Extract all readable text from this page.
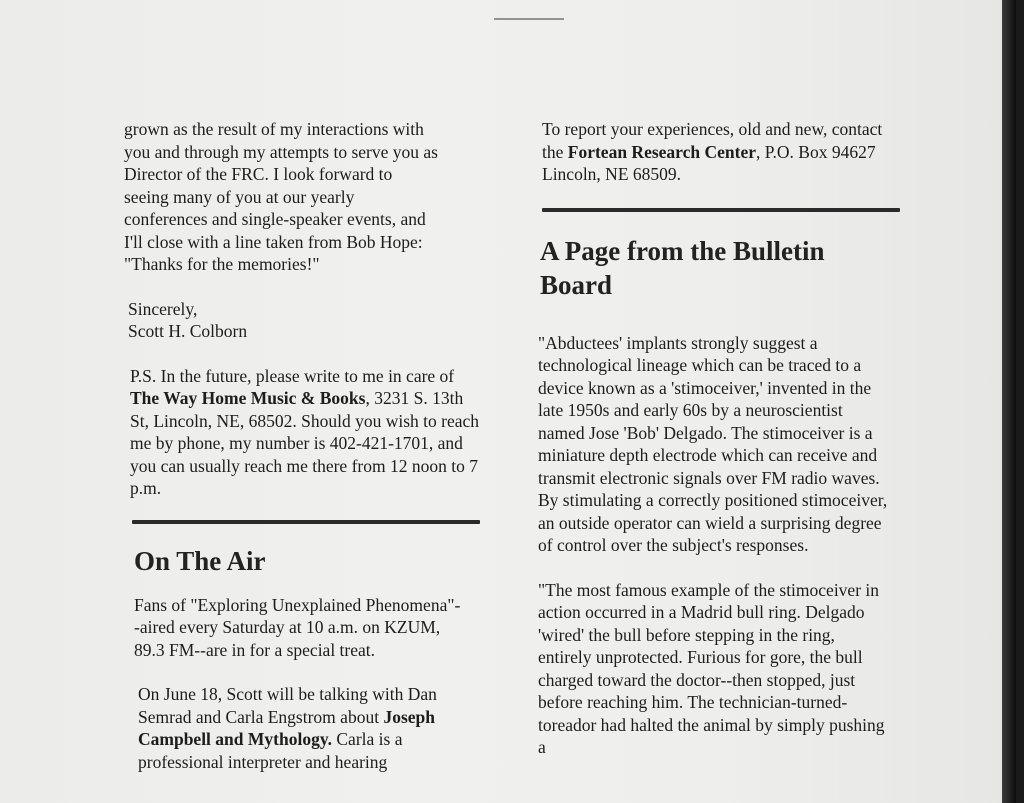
grown as the result of my interactions with

you and through my attempts to serve you as

Director of the FRC. I look forward to

seeing many of you at our yearly

conferences and single-speaker events, and

I'll close with a line taken from Bob Hope:

"Thanks for the memories!"

Sincerely,

Scott H. Colborn

P.S. In the future, please write to me in care of The Way Home Music & Books, 3231 S. 13th St, Lincoln, NE, 68502. Should you wish to reach me by phone, my number is 402-421-1701, and you can usually reach me there from 12 noon to 7 p.m.

On The Air

Fans of "Exploring Unexplained Phenomena"--aired every Saturday at 10 a.m. on KZUM, 89.3 FM--are in for a special treat.

On June 18, Scott will be talking with Dan Semrad and Carla Engstrom about Joseph Campbell and Mythology. Carla is a professional interpreter and hearing

To report your experiences, old and new, contact the Fortean Research Center, P.O. Box 94627 Lincoln, NE 68509.

A Page from the Bulletin Board

"Abductees' implants strongly suggest a technological lineage which can be traced to a device known as a 'stimoceiver,' invented in the late 1950s and early 60s by a neuroscientist named Jose 'Bob' Delgado. The stimoceiver is a miniature depth electrode which can receive and transmit electronic signals over FM radio waves. By stimulating a correctly positioned stimoceiver, an outside operator can wield a surprising degree of control over the subject's responses.

"The most famous example of the stimoceiver in action occurred in a Madrid bull ring. Delgado 'wired' the bull before stepping in the ring, entirely unprotected. Furious for gore, the bull charged toward the doctor--then stopped, just before reaching him. The technician-turned-toreador had halted the animal by simply pushing a
